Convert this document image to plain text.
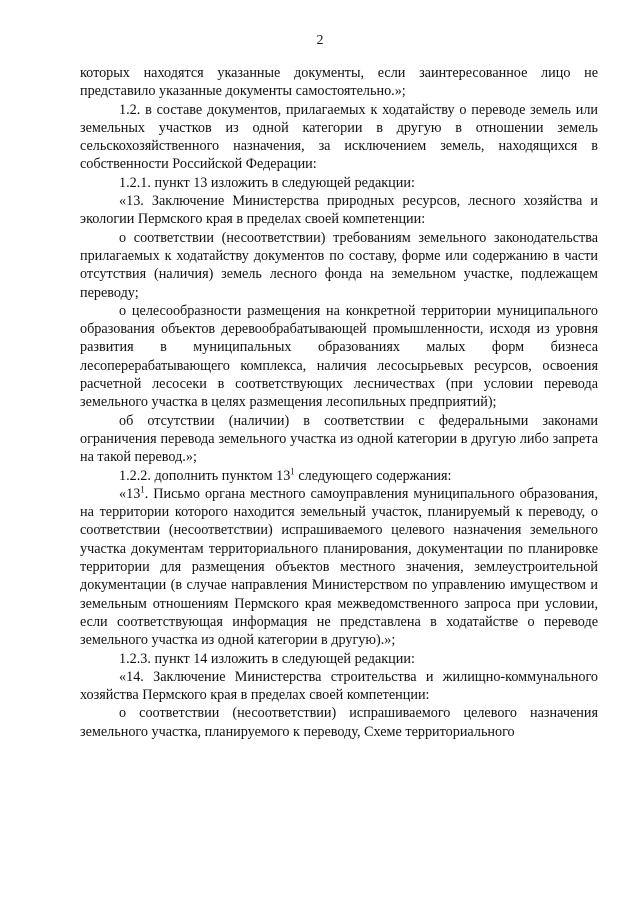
2

которых находятся указанные документы, если заинтересованное лицо не представило указанные документы самостоятельно.»;

1.2. в составе документов, прилагаемых к ходатайству о переводе земель или земельных участков из одной категории в другую в отношении земель сельскохозяйственного назначения, за исключением земель, находящихся в собственности Российской Федерации:

1.2.1. пункт 13 изложить в следующей редакции:

«13. Заключение Министерства природных ресурсов, лесного хозяйства и экологии Пермского края в пределах своей компетенции:

о соответствии (несоответствии) требованиям земельного законодательства прилагаемых к ходатайству документов по составу, форме или содержанию в части отсутствия (наличия) земель лесного фонда на земельном участке, подлежащем переводу;

о целесообразности размещения на конкретной территории муниципального образования объектов деревообрабатывающей промышленности, исходя из уровня развития в муниципальных образованиях малых форм бизнеса лесоперерабатывающего комплекса, наличия лесосырьевых ресурсов, освоения расчетной лесосеки в соответствующих лесничествах (при условии перевода земельного участка в целях размещения лесопильных предприятий);

об отсутствии (наличии) в соответствии с федеральными законами ограничения перевода земельного участка из одной категории в другую либо запрета на такой перевод.»;

1.2.2. дополнить пунктом $13^1$ следующего содержания:

«$13^1$. Письмо органа местного самоуправления муниципального образования, на территории которого находится земельный участок, планируемый к переводу, о соответствии (несоответствии) испрашиваемого целевого назначения земельного участка документам территориального планирования, документации по планировке территории для размещения объектов местного значения, землеустроительной документации (в случае направления Министерством по управлению имуществом и земельным отношениям Пермского края межведомственного запроса при условии, если соответствующая информация не представлена в ходатайстве о переводе земельного участка из одной категории в другую).»;

1.2.3. пункт 14 изложить в следующей редакции:

«14. Заключение Министерства строительства и жилищно-коммунального хозяйства Пермского края в пределах своей компетенции:

о соответствии (несоответствии) испрашиваемого целевого назначения земельного участка, планируемого к переводу, Схеме территориального
